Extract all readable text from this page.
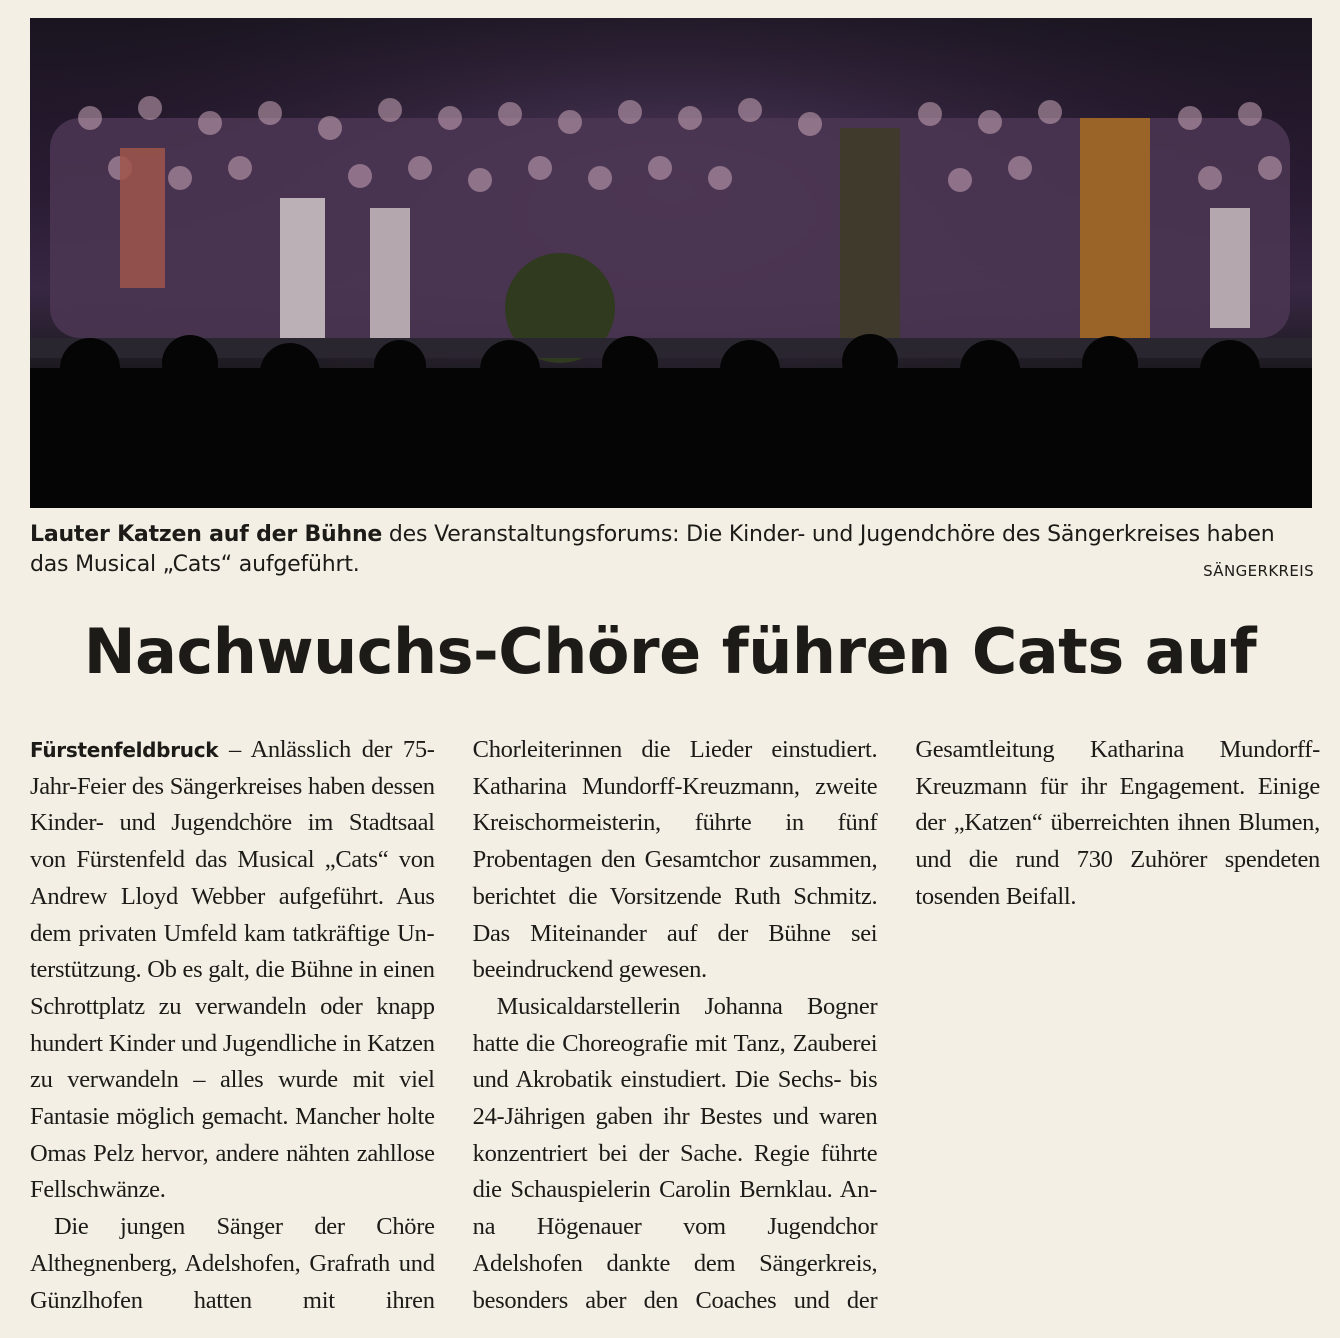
Lauter Katzen auf der Bühne des Veranstaltungsforums: Die Kinder- und Jugendchöre des Sängerkreises haben das Musical „Cats“ aufgeführt.	SÄNGERKREIS
Nachwuchs-Chöre führen Cats auf

Fürstenfeldbruck – Anlässlich der 75-Jahr-Feier des Sängerkreises haben dessen Kinder- und Jugendchöre im Stadtsaal von Fürstenfeld das Musical „Cats“ von Andrew Lloyd Webber aufgeführt. Aus dem privaten Umfeld kam tatkräftige Unterstützung. Ob es galt, die Bühne in einen Schrottplatz zu verwandeln oder knapp hundert Kinder und Jugendliche in Katzen zu verwandeln – alles wurde mit viel Fantasie möglich gemacht. Mancher holte Omas Pelz hervor, andere nähten zahllose Fellschwänze.

Die jungen Sänger der Chöre Althegnenberg, Adelshofen, Grafrath und Günzlhofen hatten mit ihren Chorleiterinnen die Lieder einstudiert. Katharina Mundorff-Kreuzmann, zweite Kreischormeisterin, führte in fünf Probentagen den Gesamtchor zusammen, berichtet die Vorsitzende Ruth Schmitz. Das Miteinander auf der Bühne sei beeindruckend gewesen.

Musicaldarstellerin Johanna Bogner hatte die Choreografie mit Tanz, Zauberei und Akrobatik einstudiert. Die Sechs- bis 24-Jährigen gaben ihr Bestes und waren konzentriert bei der Sache. Regie führte die Schauspielerin Carolin Bernklau. Anna Högenauer vom Jugendchor Adelshofen dankte dem Sängerkreis, besonders aber den Coaches und der Gesamtleitung Katharina Mundorff-Kreuzmann für ihr Engagement. Einige der „Katzen“ überreichten ihnen Blumen, und die rund 730 Zuhörer spendeten tosenden Beifall.
